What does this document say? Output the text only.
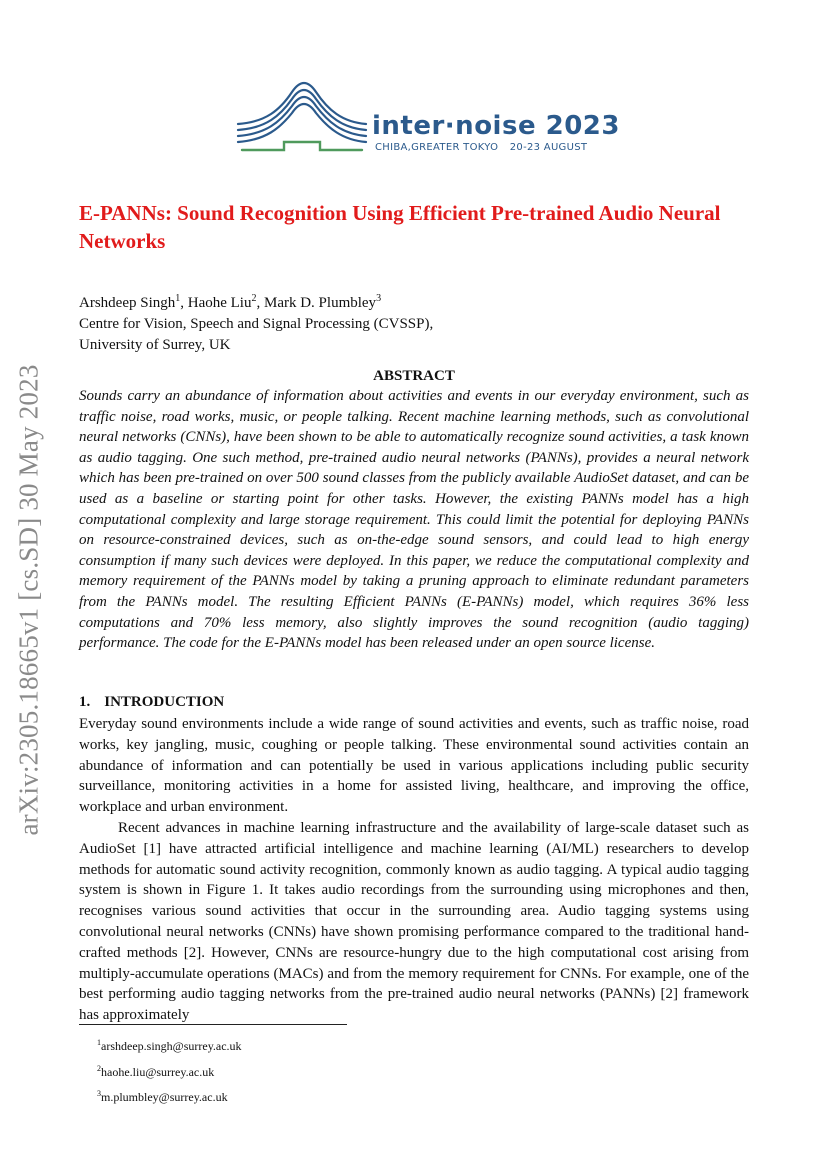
arXiv:2305.18665v1 [cs.SD] 30 May 2023
inter·noise 2023
CHIBA,GREATER TOKYO 20-23 AUGUST
E-PANNs: Sound Recognition Using Efficient Pre-trained Audio Neural Networks
Arshdeep Singh$^1$, Haohe Liu$^2$, Mark D. Plumbley$^3$
Centre for Vision, Speech and Signal Processing (CVSSP),
University of Surrey, UK
ABSTRACT

Sounds carry an abundance of information about activities and events in our everyday environment, such as traffic noise, road works, music, or people talking. Recent machine learning methods, such as convolutional neural networks (CNNs), have been shown to be able to automatically recognize sound activities, a task known as audio tagging. One such method, pre-trained audio neural networks (PANNs), provides a neural network which has been pre-trained on over 500 sound classes from the publicly available AudioSet dataset, and can be used as a baseline or starting point for other tasks. However, the existing PANNs model has a high computational complexity and large storage requirement. This could limit the potential for deploying PANNs on resource-constrained devices, such as on-the-edge sound sensors, and could lead to high energy consumption if many such devices were deployed. In this paper, we reduce the computational complexity and memory requirement of the PANNs model by taking a pruning approach to eliminate redundant parameters from the PANNs model. The resulting Efficient PANNs (E-PANNs) model, which requires 36% less computations and 70% less memory, also slightly improves the sound recognition (audio tagging) performance. The code for the E-PANNs model has been released under an open source license.

1. INTRODUCTION

Everyday sound environments include a wide range of sound activities and events, such as traffic noise, road works, key jangling, music, coughing or people talking. These environmental sound activities contain an abundance of information and can potentially be used in various applications including public security surveillance, monitoring activities in a home for assisted living, healthcare, and improving the office, workplace and urban environment.

Recent advances in machine learning infrastructure and the availability of large-scale dataset such as AudioSet [1] have attracted artificial intelligence and machine learning (AI/ML) researchers to develop methods for automatic sound activity recognition, commonly known as audio tagging. A typical audio tagging system is shown in Figure 1. It takes audio recordings from the surrounding using microphones and then, recognises various sound activities that occur in the surrounding area. Audio tagging systems using convolutional neural networks (CNNs) have shown promising performance compared to the traditional hand-crafted methods [2]. However, CNNs are resource-hungry due to the high computational cost arising from multiply-accumulate operations (MACs) and from the memory requirement for CNNs. For example, one of the best performing audio tagging networks from the pre-trained audio neural networks (PANNs) [2] framework has approximately

$^1$arshdeep.singh@surrey.ac.uk
$^2$haohe.liu@surrey.ac.uk
$^3$m.plumbley@surrey.ac.uk
